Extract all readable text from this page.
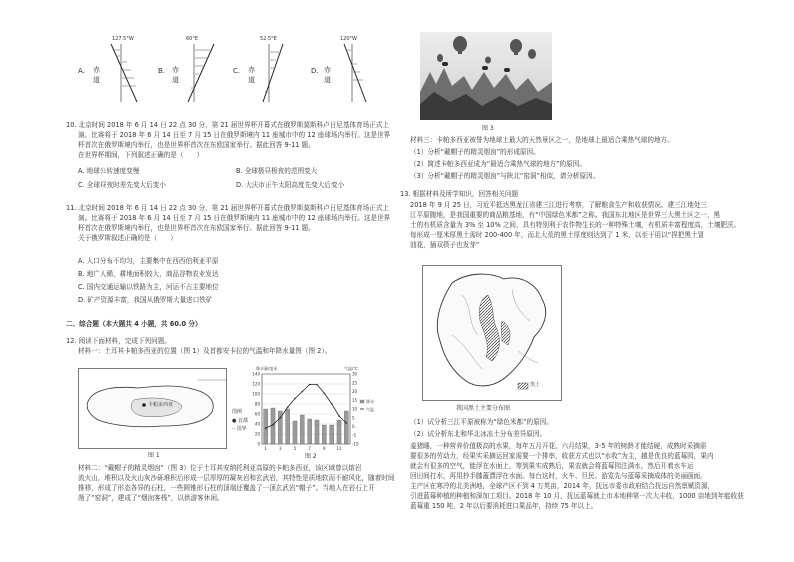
A.
127.5°W
赤
道
B.
60°E
赤
道
C.
52.5°E
赤
道
D.
120°W
赤
道
10. 北京时间 2018 年 6 月 14 日 22 点 30 分，第 21 届世界杯开幕式在俄罗斯莫斯科卢日尼基体育场正式上
演。比赛将于 2018 年 6 月 14 日至 7 月 15 日在俄罗斯境内 11 座城市中的 12 座球场内举行。这是世界
杯首次在俄罗斯境内举行，也是世界杯首次在东欧国家举行。据此回答 9-11 题。
在世界杯期间，下列叙述正确的是（　　）
A. 地球公转速度变慢	B. 全球极昼极夜的范围变大
C. 全球昼夜时差先变大后变小	D. 大庆市正午太阳高度先变大后变小
11. 北京时间 2018 年 6 月 14 日 22 点 30 分，第 21 届世界杯开幕式在俄罗斯莫斯科卢日尼基体育场正式上
演。比赛将于 2018 年 6 月 14 日至 7 月 15 日在俄罗斯境内 11 座城市中的 12 座球场内举行。这是世界
杯首次在俄罗斯境内举行，也是世界杯首次在东欧国家举行。据此回答 9-11 题。
关于俄罗斯叙述正确的是（　　）
A. 人口分布不均匀，主要集中在西西伯利亚平原
B. 地广人稀，耕地面积较大，商品谷物农业发达
C. 国内交通运输以铁路为主，河运不占主要地位
D. 矿产资源丰富，我国从俄罗斯大量进口铁矿
二、综合题（本大题共 4 小题，共 60.0 分）
12. 阅读下面材料，完成下列问题。
材料一：土耳其卡帕多西亚的位置（图 1）及首都安卡拉的气温和年降水量图（图 2）。
卡帕多西亚
图例
● 首都
┄ 国界
图 1
140
120
100
80
60
40
20
0
30
25
20
15
10
5
0
-5
-10
降水量/毫米	气温/℃
1	3	5	7	9	11
降水
气温
图 2
材料二：“戴帽子的精灵烟囱”（图 3）位于土耳其安纳托利亚高原的卡帕多西亚，该区域曾以熔岩
流火山，堆积以及火山灰沙砾堆积后形成一层厚厚的凝灰岩和玄武岩，其特性是质地软而不耐风化，随着时间
推移，形成了形态各异的石柱，一些圆锥形石柱的顶端还覆盖了一顶玄武岩“帽子”。当地人在岩石上开
凿了“窑洞”，建成了“烟囱客栈”，以供游客休闲。
图 3
材料三：卡帕多西亚被誉为地球上最大的天然景区之一，是地球上最适合乘热气球的地方。
（1）分析“戴帽子的精灵烟囱”的形成原因。
（2）简述卡帕多西亚成为“最适合乘热气球的地方”的原因。
（3）分析“戴帽子的精灵烟囱”与陕北“窑洞”相似，请分析原因。
13. 根据材料及所学知识，回答相关问题
2018 年 9 月 25 日，习近平抵达黑龙江省建三江进行考察，了解粮食生产和收获情况。建三江地处三
江平原腹地，是我国重要的商品粮基地，有“中国绿色米都”之称。我国东北地区是世界三大黑土区之一，黑
土的有机质含量为 3% 至 10% 之间，具有特别利于农作物生长的一种特殊土壤，有机质丰富程度高，土壤肥沃。
每形成一厘米厚黑土需时 200-400 年，而北大荒的黑土厚度则达到了 1 米，以至于用以“捏把黑土冒
油花，插双筷子也发芽”
黑土
我国黑土主要分布图
（1）试分析三江平原被称为“绿色米都”的原因。
（2）试分析东北和华北冰冻土分布差异原因。
羞猪睡，一种营养价值极高的水果，每年五月开花，六月结果，3-5 年的树龄才能结硬，成熟时采摘需
要很多的劳动力，经果实采摘运回家需要一个排率，收获方式也以“水收”为主，越是优良的蓝莓园，果内
就会有很多的空气，能浮在水面上，等到果实成熟后，果农就会将蓝莓园注满水，然后开着水车运
回田间打水，再用抄手膝蓋漂浮在水面。每台这时，火车、旦民、游览先与蓝莓采摘成体的美丽画面。
主产区在寒冷的北美洲地，全球产区不到 4 万英亩，2014 年，抚远市委市政府结合抚远自然禀赋资源，
引进蓝莓种植的种植和深加工项目。2018 年 10 月，抚远蓝莓就上市本地种第一次大丰收，1000 亩地到年能收获
蓝莓重 150 吨，2 年以后要消耗进口果品年，持续 75 年以上。
